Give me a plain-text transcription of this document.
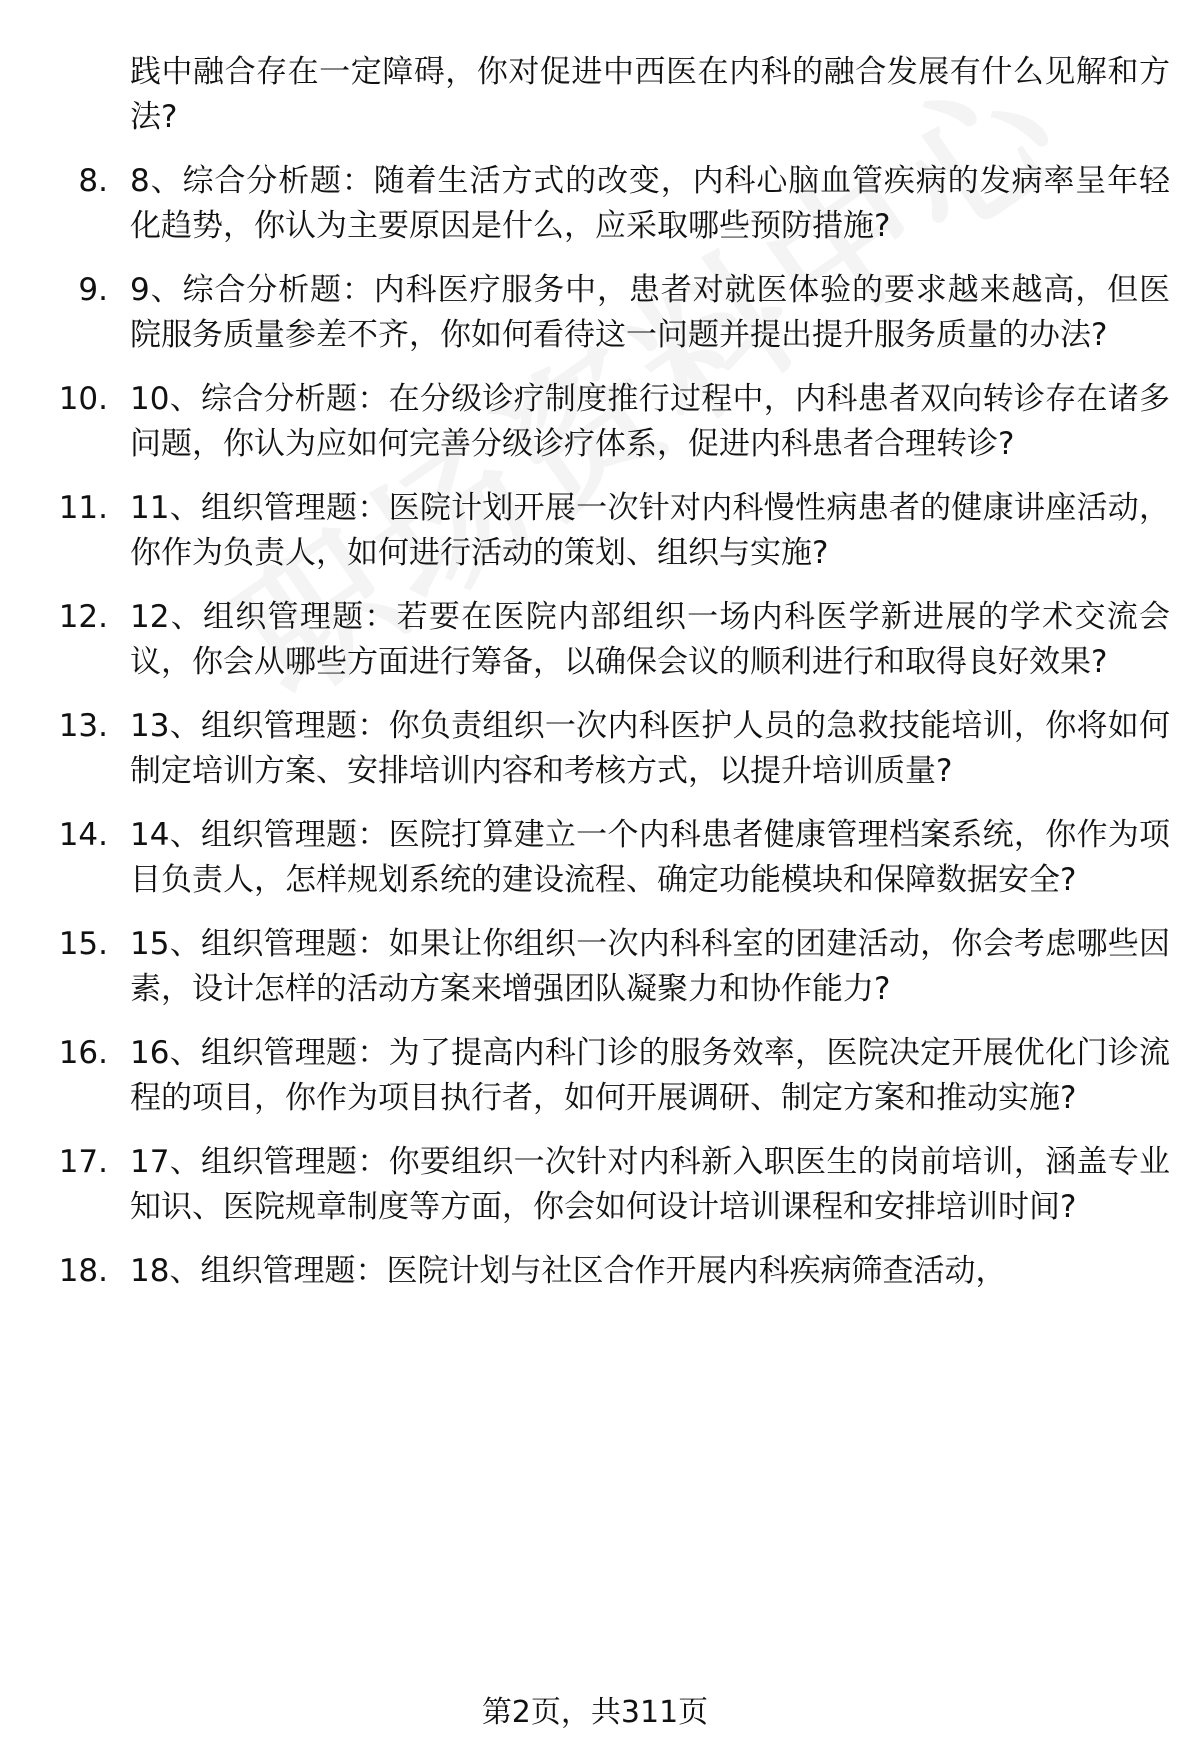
践中融合存在一定障碍，你对促进中西医在内科的融合发展有什么见解和方法?
8. 8、综合分析题：随着生活方式的改变，内科心脑血管疾病的发病率呈年轻化趋势，你认为主要原因是什么，应采取哪些预防措施?
9. 9、综合分析题：内科医疗服务中，患者对就医体验的要求越来越高，但医院服务质量参差不齐，你如何看待这一问题并提出提升服务质量的办法?
10. 10、综合分析题：在分级诊疗制度推行过程中，内科患者双向转诊存在诸多问题，你认为应如何完善分级诊疗体系，促进内科患者合理转诊?
11. 11、组织管理题：医院计划开展一次针对内科慢性病患者的健康讲座活动，你作为负责人，如何进行活动的策划、组织与实施?
12. 12、组织管理题：若要在医院内部组织一场内科医学新进展的学术交流会议，你会从哪些方面进行筹备，以确保会议的顺利进行和取得良好效果?
13. 13、组织管理题：你负责组织一次内科医护人员的急救技能培训，你将如何制定培训方案、安排培训内容和考核方式，以提升培训质量?
14. 14、组织管理题：医院打算建立一个内科患者健康管理档案系统，你作为项目负责人，怎样规划系统的建设流程、确定功能模块和保障数据安全?
15. 15、组织管理题：如果让你组织一次内科科室的团建活动，你会考虑哪些因素，设计怎样的活动方案来增强团队凝聚力和协作能力?
16. 16、组织管理题：为了提高内科门诊的服务效率，医院决定开展优化门诊流程的项目，你作为项目执行者，如何开展调研、制定方案和推动实施?
17. 17、组织管理题：你要组织一次针对内科新入职医生的岗前培训，涵盖专业知识、医院规章制度等方面，你会如何设计培训课程和安排培训时间?
18. 18、组织管理题：医院计划与社区合作开展内科疾病筛查活动，
第2页，共311页
